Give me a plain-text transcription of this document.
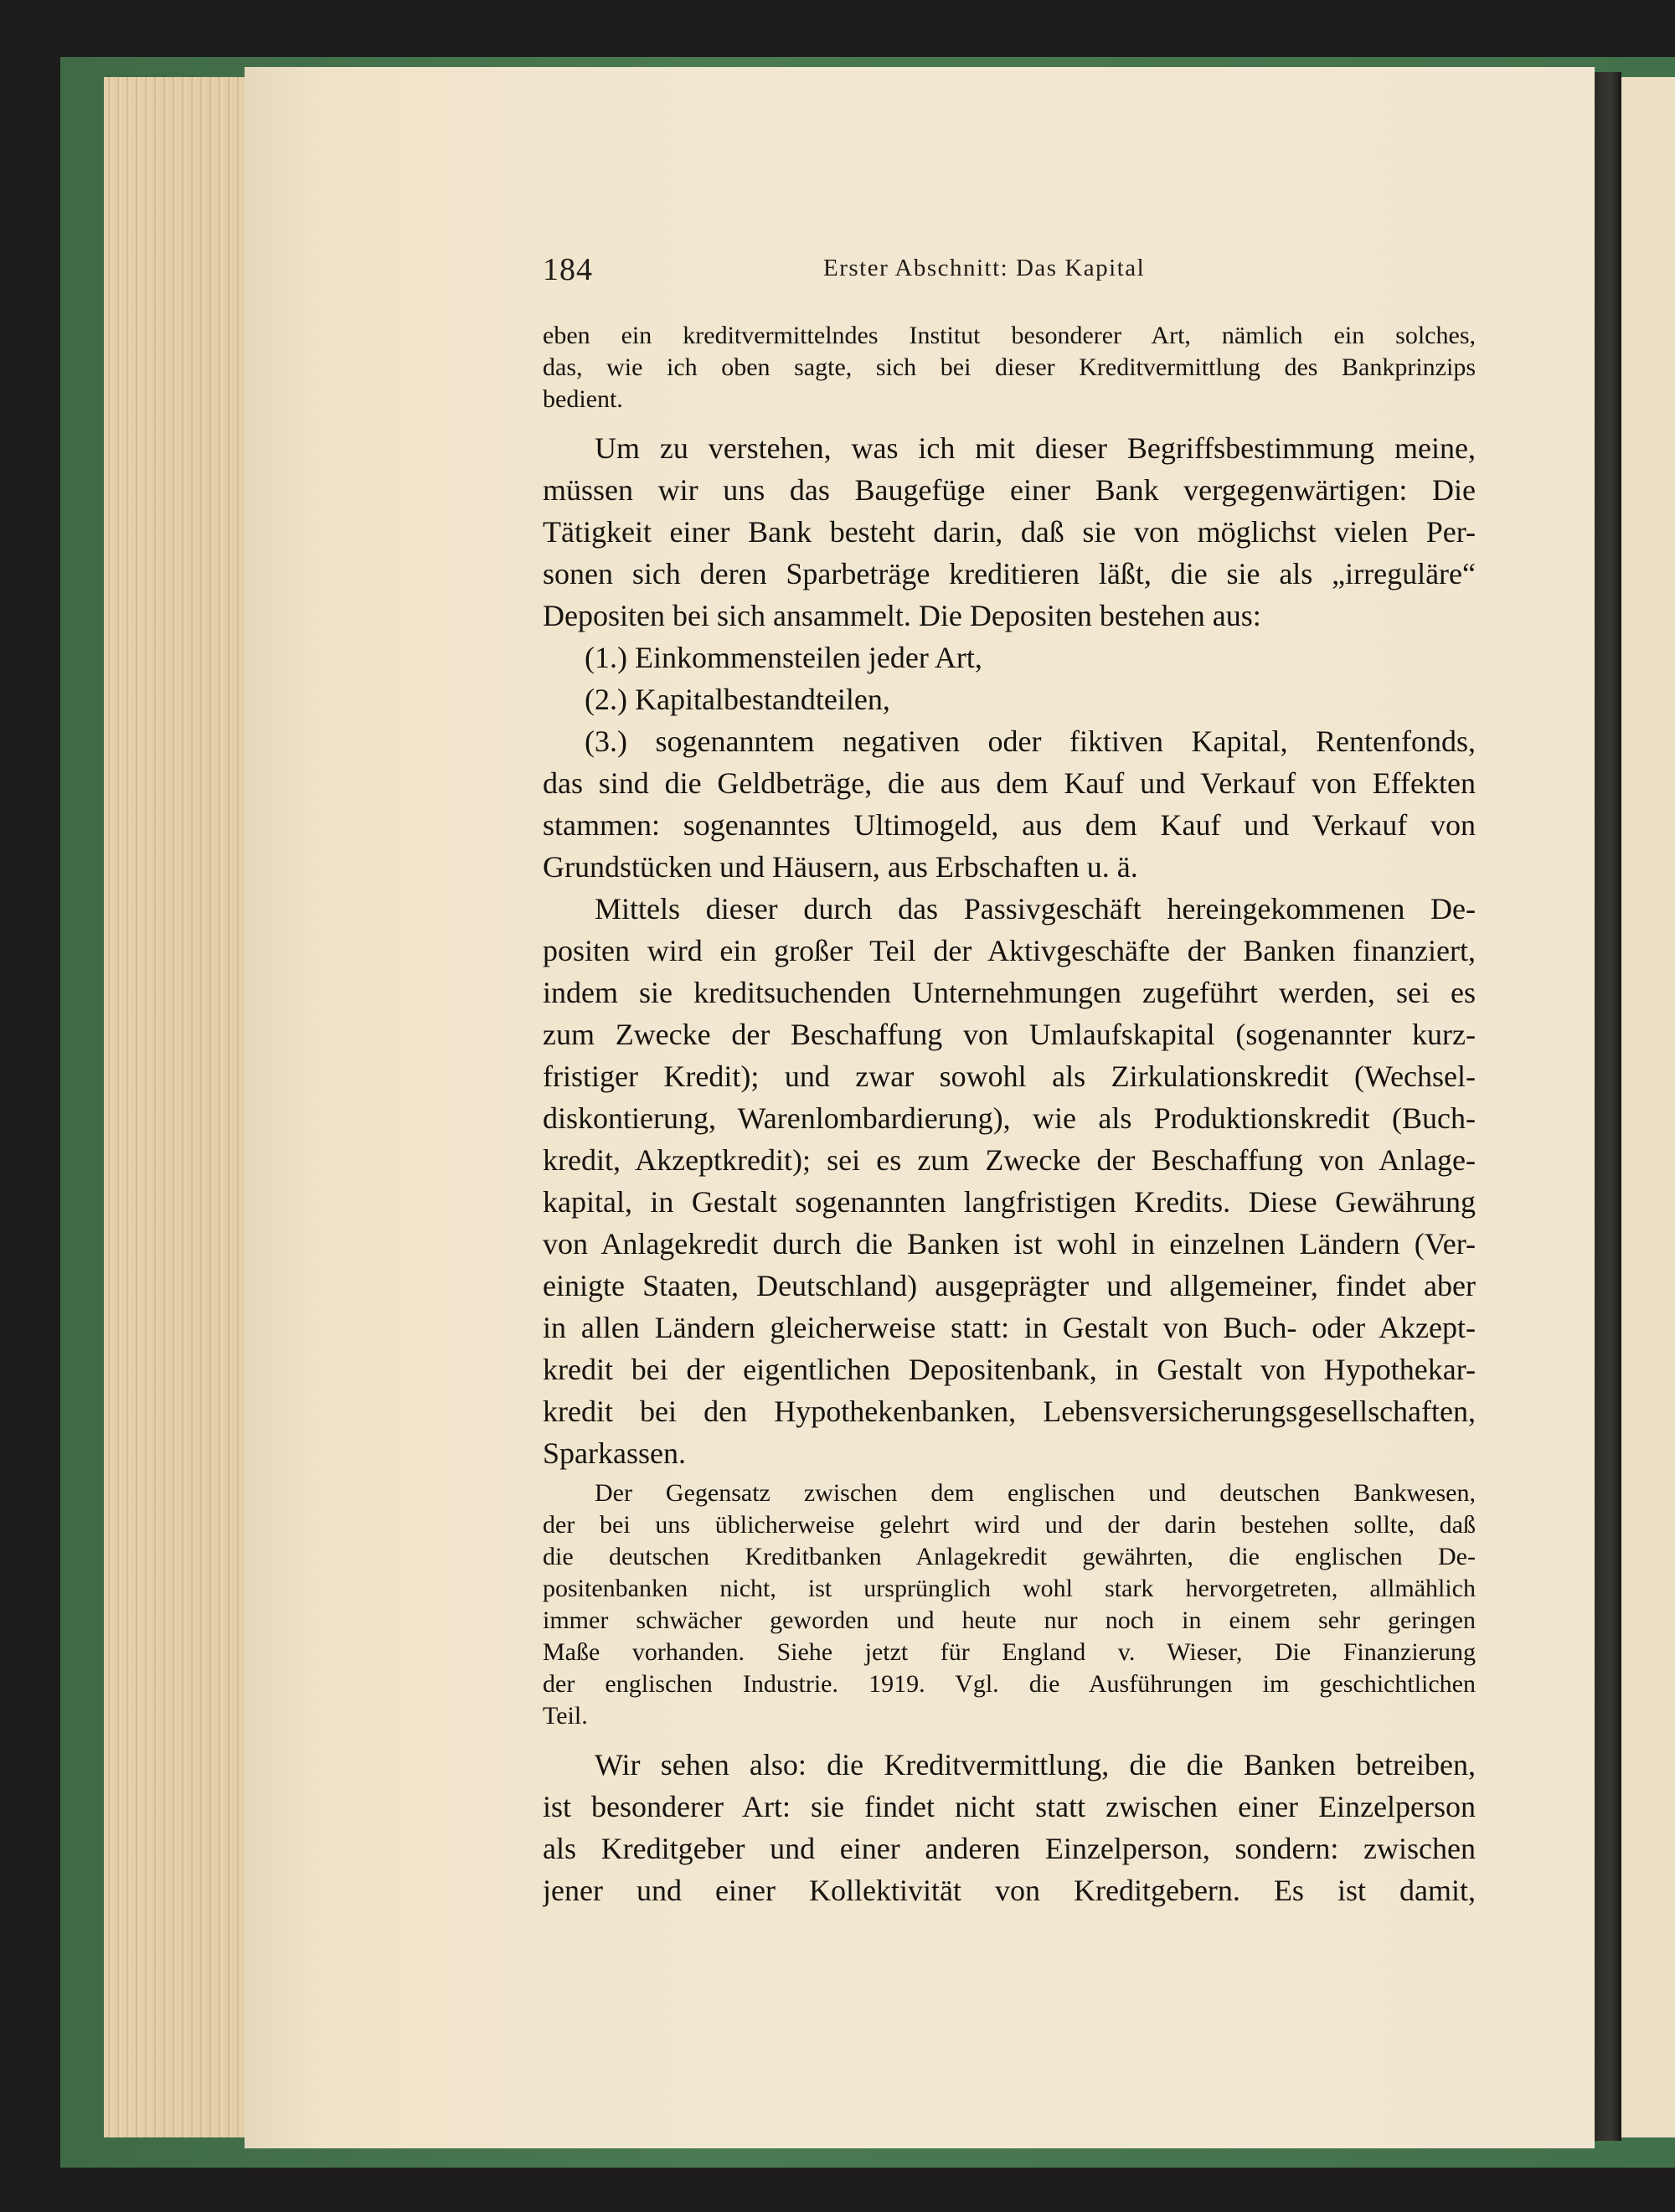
184	Erster Abschnitt: Das Kapital
eben ein kreditvermittelndes Institut besonderer Art, nämlich ein solches,
das, wie ich oben sagte, sich bei dieser Kreditvermittlung des Bankprinzips
bedient.
Um zu verstehen, was ich mit dieser Begriffsbestimmung meine,
müssen wir uns das Baugefüge einer Bank vergegenwärtigen: Die
Tätigkeit einer Bank besteht darin, daß sie von möglichst vielen Per-
sonen sich deren Sparbeträge kreditieren läßt, die sie als „irreguläre“
Depositen bei sich ansammelt. Die Depositen bestehen aus:
(1.) Einkommensteilen jeder Art,
(2.) Kapitalbestandteilen,
(3.) sogenanntem negativen oder fiktiven Kapital, Rentenfonds,
das sind die Geldbeträge, die aus dem Kauf und Verkauf von Effekten
stammen: sogenanntes Ultimogeld, aus dem Kauf und Verkauf von
Grundstücken und Häusern, aus Erbschaften u. ä.
Mittels dieser durch das Passivgeschäft hereingekommenen De-
positen wird ein großer Teil der Aktivgeschäfte der Banken finanziert,
indem sie kreditsuchenden Unternehmungen zugeführt werden, sei es
zum Zwecke der Beschaffung von Umlaufskapital (sogenannter kurz-
fristiger Kredit); und zwar sowohl als Zirkulationskredit (Wechsel-
diskontierung, Warenlombardierung), wie als Produktionskredit (Buch-
kredit, Akzeptkredit); sei es zum Zwecke der Beschaffung von Anlage-
kapital, in Gestalt sogenannten langfristigen Kredits. Diese Gewährung
von Anlagekredit durch die Banken ist wohl in einzelnen Ländern (Ver-
einigte Staaten, Deutschland) ausgeprägter und allgemeiner, findet aber
in allen Ländern gleicherweise statt: in Gestalt von Buch- oder Akzept-
kredit bei der eigentlichen Depositenbank, in Gestalt von Hypothekar-
kredit bei den Hypothekenbanken, Lebensversicherungsgesellschaften,
Sparkassen.
Der Gegensatz zwischen dem englischen und deutschen Bankwesen,
der bei uns üblicherweise gelehrt wird und der darin bestehen sollte, daß
die deutschen Kreditbanken Anlagekredit gewährten, die englischen De-
positenbanken nicht, ist ursprünglich wohl stark hervorgetreten, allmählich
immer schwächer geworden und heute nur noch in einem sehr geringen
Maße vorhanden. Siehe jetzt für England v. Wieser, Die Finanzierung
der englischen Industrie. 1919. Vgl. die Ausführungen im geschichtlichen
Teil.
Wir sehen also: die Kreditvermittlung, die die Banken betreiben,
ist besonderer Art: sie findet nicht statt zwischen einer Einzelperson
als Kreditgeber und einer anderen Einzelperson, sondern: zwischen
jener und einer Kollektivität von Kreditgebern. Es ist damit,
